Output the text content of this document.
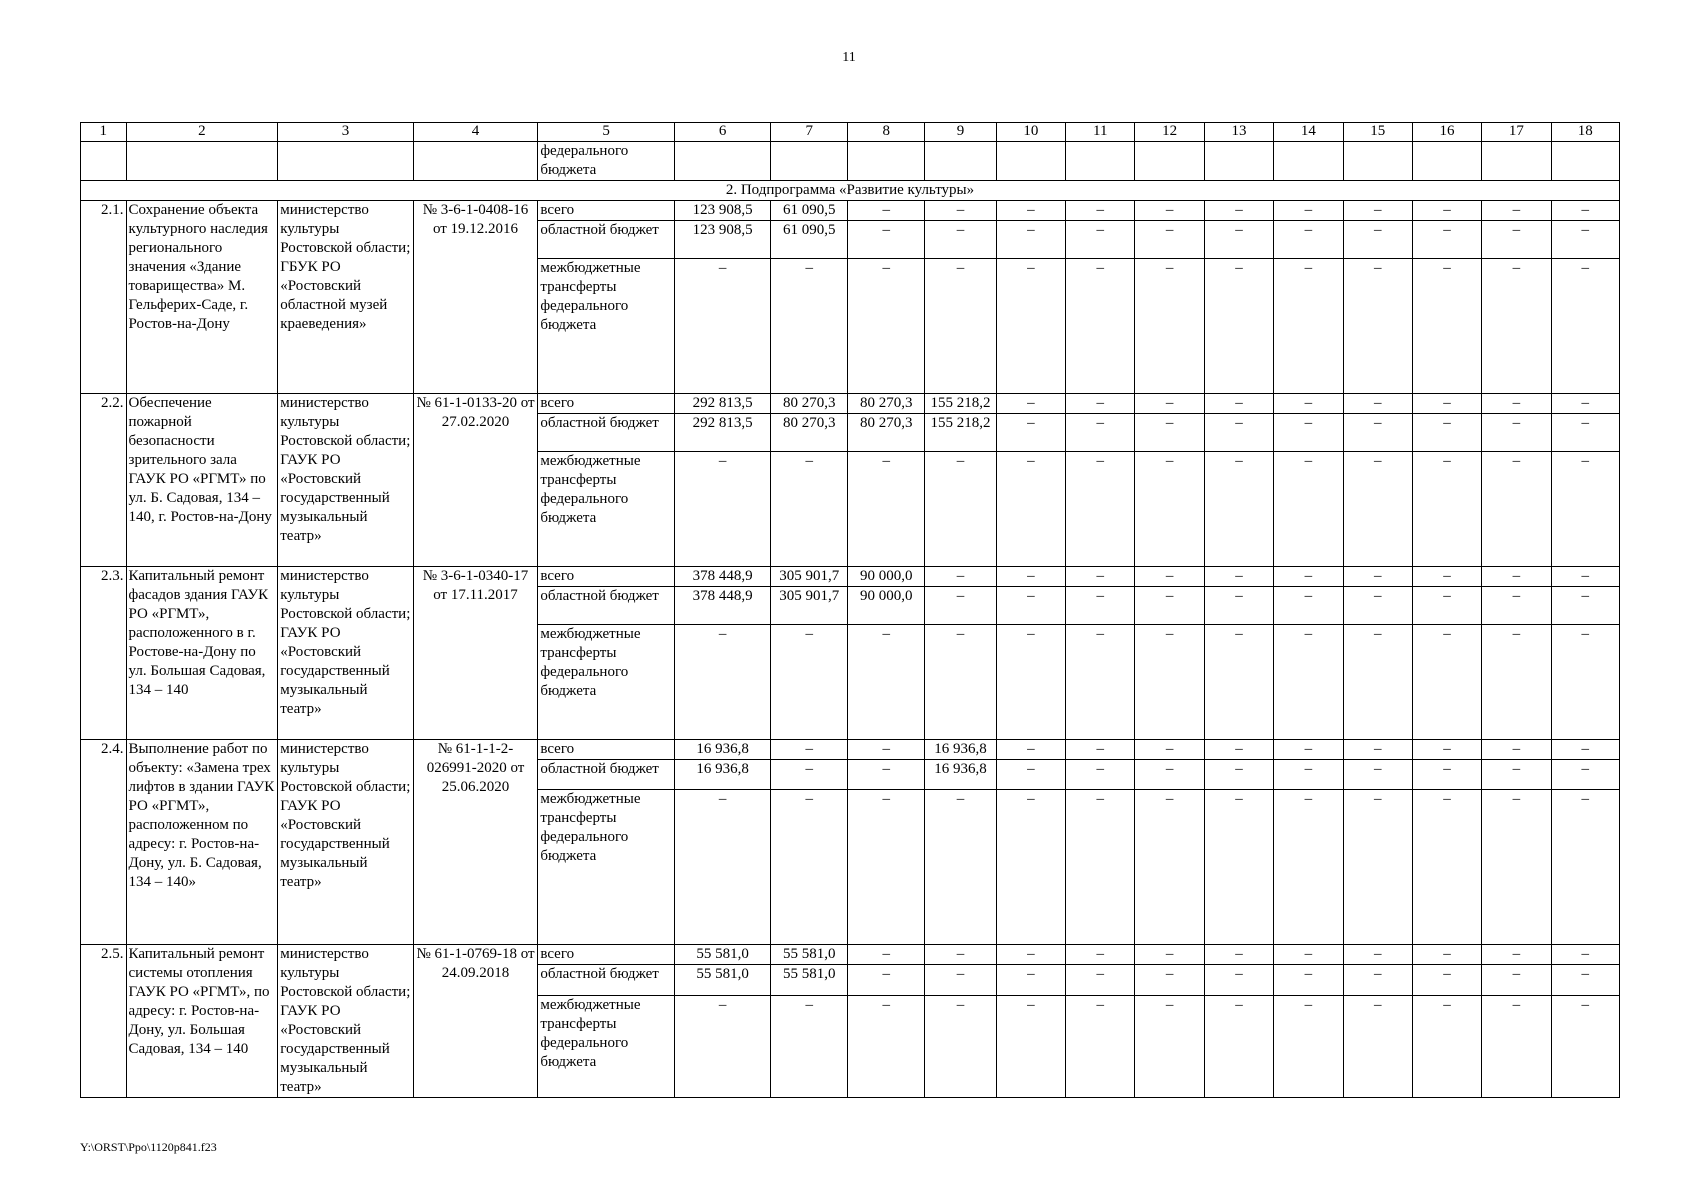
11
1	2	3	4	5	6	7	8	9	10	11	12	13	14	15	16	17	18
				федерального бюджета													
2. Подпрограмма «Развитие культуры»																	
2.1.	Сохранение объекта культурного наследия регионального значения «Здание товарищества» М. Гельферих-Саде, г. Ростов-на-Дону	министерство культуры Ростовской области; ГБУК РО «Ростовский областной музей краеведения»	№ 3-6-1-0408-16 от 19.12.2016	всего	123 908,5	61 090,5	–	–	–	–	–	–	–	–	–	–	–
				областной бюджет	123 908,5	61 090,5	–	–	–	–	–	–	–	–	–	–	–
				межбюджетные трансферты федерального бюджета	–	–	–	–	–	–	–	–	–	–	–	–	–
2.2.	Обеспечение пожарной безопасности зрительного зала ГАУК РО «РГМТ» по ул. Б. Садовая, 134 – 140, г. Ростов-на-Дону	министерство культуры Ростовской области; ГАУК РО «Ростовский государственный музыкальный театр»	№ 61-1-0133-20 от 27.02.2020	всего	292 813,5	80 270,3	80 270,3	155 218,2	–	–	–	–	–	–	–	–	–
				областной бюджет	292 813,5	80 270,3	80 270,3	155 218,2	–	–	–	–	–	–	–	–	–
				межбюджетные трансферты федерального бюджета	–	–	–	–	–	–	–	–	–	–	–	–	–
2.3.	Капитальный ремонт фасадов здания ГАУК РО «РГМТ», расположенного в г. Ростове-на-Дону по ул. Большая Садовая, 134 – 140	министерство культуры Ростовской области; ГАУК РО «Ростовский государственный музыкальный театр»	№ 3-6-1-0340-17 от 17.11.2017	всего	378 448,9	305 901,7	90 000,0	–	–	–	–	–	–	–	–	–	–
				областной бюджет	378 448,9	305 901,7	90 000,0	–	–	–	–	–	–	–	–	–	–
				межбюджетные трансферты федерального бюджета	–	–	–	–	–	–	–	–	–	–	–	–	–
2.4.	Выполнение работ по объекту: «Замена трех лифтов в здании ГАУК РО «РГМТ», расположенном по адресу: г. Ростов-на-Дону, ул. Б. Садовая, 134 – 140»	министерство культуры Ростовской области; ГАУК РО «Ростовский государственный музыкальный театр»	№ 61-1-1-2-026991-2020 от 25.06.2020	всего	16 936,8	–	–	16 936,8	–	–	–	–	–	–	–	–	–
				областной бюджет	16 936,8	–	–	16 936,8	–	–	–	–	–	–	–	–	–
				межбюджетные трансферты федерального бюджета	–	–	–	–	–	–	–	–	–	–	–	–	–
2.5.	Капитальный ремонт системы отопления ГАУК РО «РГМТ», по адресу: г. Ростов-на-Дону, ул. Большая Садовая, 134 – 140	министерство культуры Ростовской области; ГАУК РО «Ростовский государственный музыкальный театр»	№ 61-1-0769-18 от 24.09.2018	всего	55 581,0	55 581,0	–	–	–	–	–	–	–	–	–	–	–
				областной бюджет	55 581,0	55 581,0	–	–	–	–	–	–	–	–	–	–	–
				межбюджетные трансферты федерального бюджета	–	–	–	–	–	–	–	–	–	–	–	–	–
Y:\ORST\Ppo\1120p841.f23
